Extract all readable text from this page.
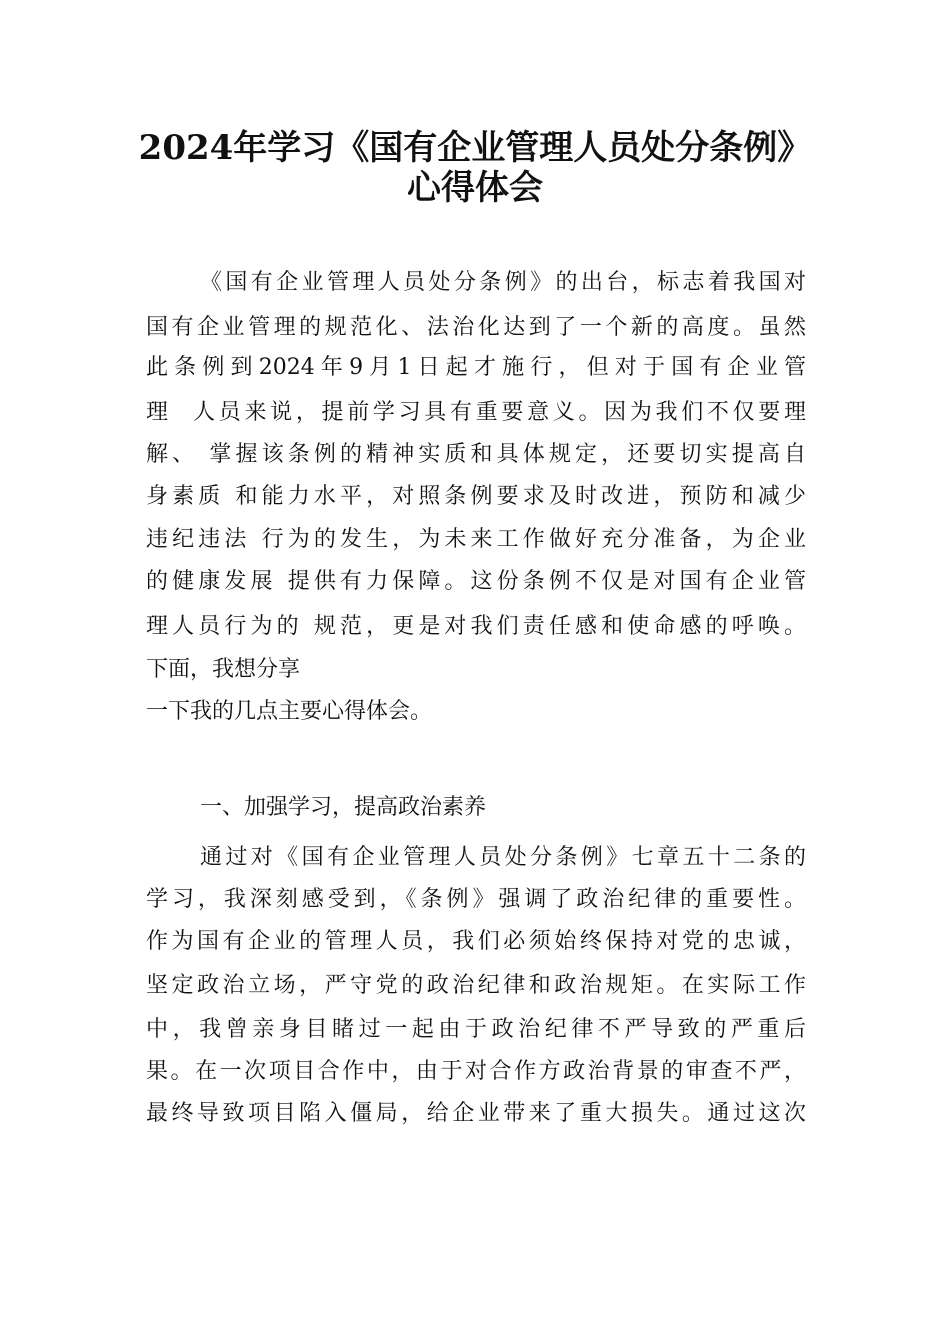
2024年学习《国有企业管理人员处分条例》
心得体会
《国有企业管理人员处分条例》的出台，标志着我国对
国有企业管理的规范化、法治化达到了一个新的高度。虽然
此条例到2024年9月1日起才施行，但对于国有企业管
理  人员来说，提前学习具有重要意义。因为我们不仅要理
解、 掌握该条例的精神实质和具体规定，还要切实提高自
身素质 和能力水平，对照条例要求及时改进，预防和减少
违纪违法 行为的发生，为未来工作做好充分准备，为企业
的健康发展 提供有力保障。这份条例不仅是对国有企业管
理人员行为的 规范，更是对我们责任感和使命感的呼唤。
下面，我想分享
一下我的几点主要心得体会。
一、加强学习，提高政治素养
通过对《国有企业管理人员处分条例》七章五十二条的
学习，我深刻感受到，《条例》强调了政治纪律的重要性。
作为国有企业的管理人员，我们必须始终保持对党的忠诚，
坚定政治立场，严守党的政治纪律和政治规矩。在实际工作
中，我曾亲身目睹过一起由于政治纪律不严导致的严重后
果。在一次项目合作中，由于对合作方政治背景的审查不严，
最终导致项目陷入僵局，给企业带来了重大损失。通过这次
